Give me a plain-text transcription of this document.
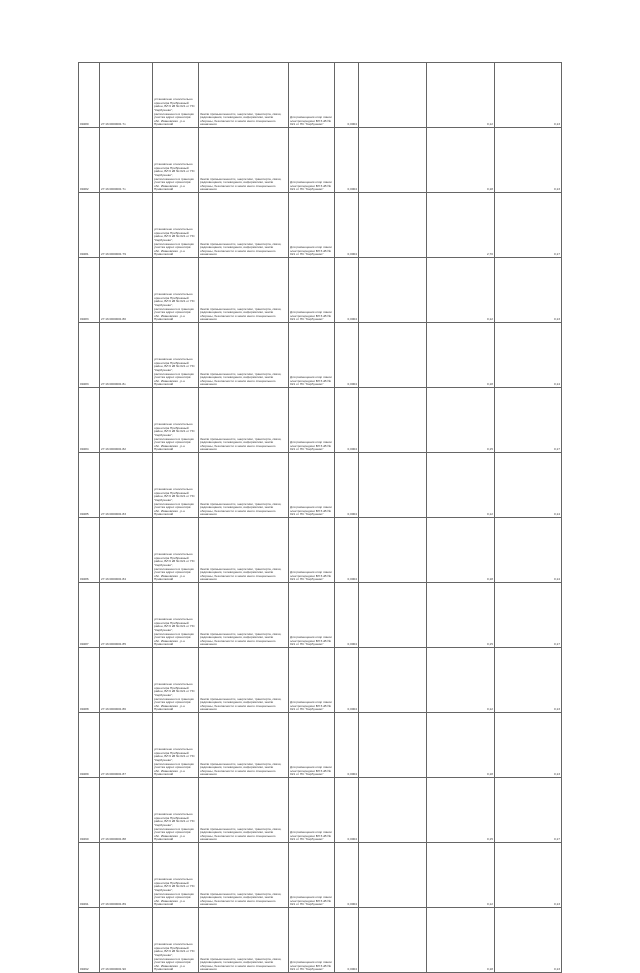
09280	27:16:0000001:7x	установлено относительно ориентира Прибрежный район, ВЛ 6 кВ № 021 от ПС "Карбушево", расположенного в границах участка адрес ориентира: обл. Ивановская , р-н Приволжский	Земли промышленности, энергетики, транспорта, связи, радиовещания, телевидения, информатики, земли обороны, безопасности и земли иного специального назначения	Для размещения опор линии электропередачи ВЛ 6 кВ № 021 от ПС "Карбушево"	0,0004		0,12	0,13
09282	27:16:0000001:7x	установлено относительно ориентира Прибрежный район, ВЛ 6 кВ № 021 от ПС "Карбушево", расположенного в границах участка адрес ориентира: обл. Ивановская , р-н Приволжский	Земли промышленности, энергетики, транспорта, связи, радиовещания, телевидения, информатики, земли обороны, безопасности и земли иного специального назначения	Для размещения опор линии электропередачи ВЛ 6 кВ № 021 от ПС "Карбушево"	0,0004		0,18	0,13
09281	27:16:0000001:79	установлено относительно ориентира Прибрежный район, ВЛ 6 кВ № 021 от ПС "Карбушево", расположенного в границах участка адрес ориентира: обл. Ивановская , р-н Приволжский	Земли промышленности, энергетики, транспорта, связи, радиовещания, телевидения, информатики, земли обороны, безопасности и земли иного специального назначения	Для размещения опор линии электропередачи ВЛ 6 кВ № 021 от ПС "Карбушево"	0,0004		2,70	0,17
09283	27:16:0000001:80	установлено относительно ориентира Прибрежный район, ВЛ 6 кВ № 021 от ПС "Карбушево", расположенного в границах участка адрес ориентира: обл. Ивановская , р-н Приволжский	Земли промышленности, энергетики, транспорта, связи, радиовещания, телевидения, информатики, земли обороны, безопасности и земли иного специального назначения	Для размещения опор линии электропередачи ВЛ 6 кВ № 021 от ПС "Карбушево"	0,0004		0,12	0,13
09283	27:16:0000001:8x	установлено относительно ориентира Прибрежный район, ВЛ 6 кВ № 021 от ПС "Карбушево", расположенного в границах участка адрес ориентира: обл. Ивановская , р-н Приволжский	Земли промышленности, энергетики, транспорта, связи, радиовещания, телевидения, информатики, земли обороны, безопасности и земли иного специального назначения	Для размещения опор линии электропередачи ВЛ 6 кВ № 021 от ПС "Карбушево"	0,0004		0,18	0,14
09284	27:16:0000001:82	установлено относительно ориентира Прибрежный район, ВЛ 6 кВ № 021 от ПС "Карбушево", расположенного в границах участка адрес ориентира: обл. Ивановская , р-н Приволжский	Земли промышленности, энергетики, транспорта, связи, радиовещания, телевидения, информатики, земли обороны, безопасности и земли иного специального назначения	Для размещения опор линии электропередачи ВЛ 6 кВ № 021 от ПС "Карбушево"	0,0004		0,15	0,17
09285	27:16:0000001:83	установлено относительно ориентира Прибрежный район, ВЛ 6 кВ № 021 от ПС "Карбушево", расположенного в границах участка адрес ориентира: обл. Ивановская , р-н Приволжский	Земли промышленности, энергетики, транспорта, связи, радиовещания, телевидения, информатики, земли обороны, безопасности и земли иного специального назначения	Для размещения опор линии электропередачи ВЛ 6 кВ № 021 от ПС "Карбушево"	0,0004		0,12	0,14
09286	27:16:0000001:84	установлено относительно ориентира Прибрежный район, ВЛ 6 кВ № 021 от ПС "Карбушево", расположенного в границах участка адрес ориентира: обл. Ивановская , р-н Приволжский	Земли промышленности, энергетики, транспорта, связи, радиовещания, телевидения, информатики, земли обороны, безопасности и земли иного специального назначения	Для размещения опор линии электропередачи ВЛ 6 кВ № 021 от ПС "Карбушево"	0,0004		0,18	0,14
09287	27:16:0000001:85	установлено относительно ориентира Прибрежный район, ВЛ 6 кВ № 021 от ПС "Карбушево", расположенного в границах участка адрес ориентира: обл. Ивановская , р-н Приволжский	Земли промышленности, энергетики, транспорта, связи, радиовещания, телевидения, информатики, земли обороны, безопасности и земли иного специального назначения	Для размещения опор линии электропередачи ВЛ 6 кВ № 021 от ПС "Карбушево"	0,0004		0,15	0,17
09288	27:16:0000001:86	установлено относительно ориентира Прибрежный район, ВЛ 6 кВ № 021 от ПС "Карбушево", расположенного в границах участка адрес ориентира: обл. Ивановская , р-н Приволжский	Земли промышленности, энергетики, транспорта, связи, радиовещания, телевидения, информатики, земли обороны, безопасности и земли иного специального назначения	Для размещения опор линии электропередачи ВЛ 6 кВ № 021 от ПС "Карбушево"	0,0004		0,12	0,13
09289	27:16:0000001:87	установлено относительно ориентира Прибрежный район, ВЛ 6 кВ № 021 от ПС "Карбушево", расположенного в границах участка адрес ориентира: обл. Ивановская , р-н Приволжский	Земли промышленности, энергетики, транспорта, связи, радиовещания, телевидения, информатики, земли обороны, безопасности и земли иного специального назначения	Для размещения опор линии электропередачи ВЛ 6 кВ № 021 от ПС "Карбушево"	0,0004		0,18	0,13
09290	27:16:0000001:88	установлено относительно ориентира Прибрежный район, ВЛ 6 кВ № 021 от ПС "Карбушево", расположенного в границах участка адрес ориентира: обл. Ивановская , р-н Приволжский	Земли промышленности, энергетики, транспорта, связи, радиовещания, телевидения, информатики, земли обороны, безопасности и земли иного специального назначения	Для размещения опор линии электропередачи ВЛ 6 кВ № 021 от ПС "Карбушево"	0,0004		0,15	0,17
09291	27:16:0000001:89	установлено относительно ориентира Прибрежный район, ВЛ 6 кВ № 021 от ПС "Карбушево", расположенного в границах участка адрес ориентира: обл. Ивановская , р-н Приволжский	Земли промышленности, энергетики, транспорта, связи, радиовещания, телевидения, информатики, земли обороны, безопасности и земли иного специального назначения	Для размещения опор линии электропередачи ВЛ 6 кВ № 021 от ПС "Карбушево"	0,0004		0,12	0,13
09292	27:16:0000001:90	установлено относительно ориентира Прибрежный район, ВЛ 6 кВ № 021 от ПС "Карбушево", расположенного в границах участка адрес ориентира: обл. Ивановская , р-н Приволжский	Земли промышленности, энергетики, транспорта, связи, радиовещания, телевидения, информатики, земли обороны, безопасности и земли иного специального назначения	Для размещения опор линии электропередачи ВЛ 6 кВ № 021 от ПС "Карбушево"	0,0004		0,18	0,13
